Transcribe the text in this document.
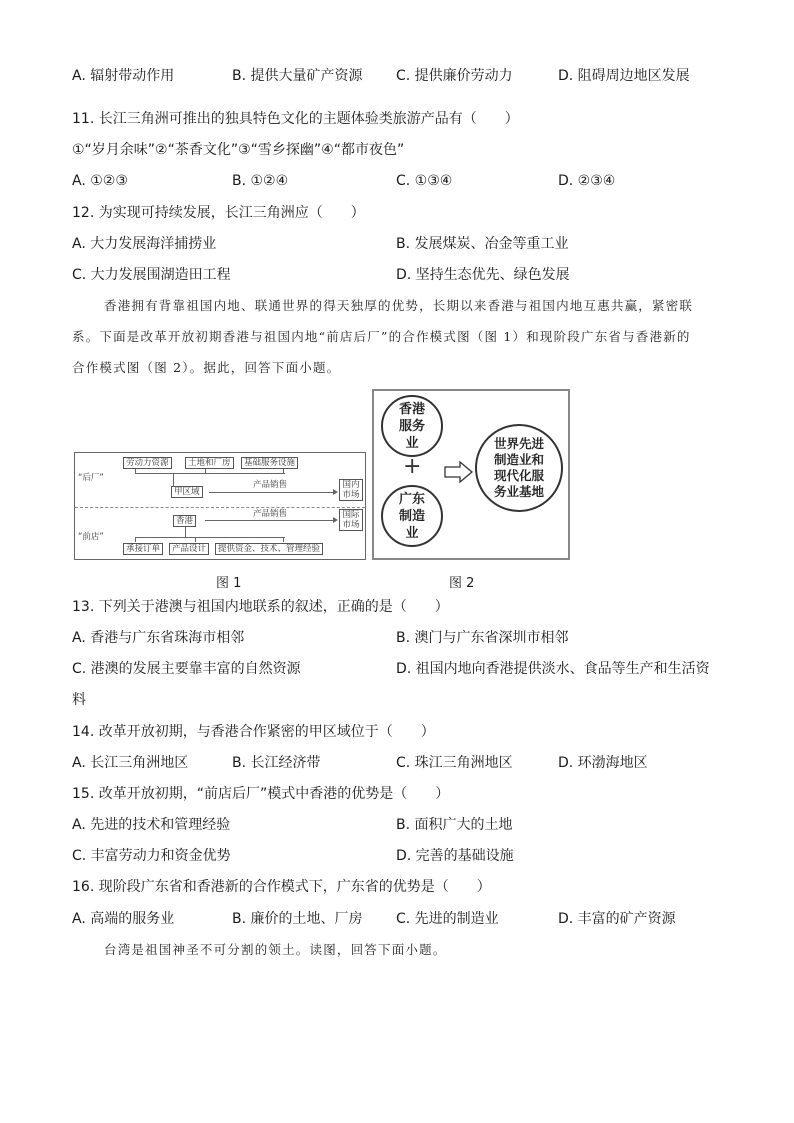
A. 辐射带动作用	B. 提供大量矿产资源 C. 提供廉价劳动力	D. 阻碍周边地区发展
11. 长江三角洲可推出的独具特色文化的主题体验类旅游产品有（　　）
①“岁月余味”②“茶香文化”③“雪乡探幽”④“都市夜色”
A. ①②③	B. ①②④	C. ①③④	D. ②③④
12. 为实现可持续发展，长江三角洲应（　　）
A. 大力发展海洋捕捞业	B. 发展煤炭、冶金等重工业
C. 大力发展围湖造田工程	D. 坚持生态优先、绿色发展
香港拥有背靠祖国内地、联通世界的得天独厚的优势，长期以来香港与祖国内地互惠共赢，紧密联
系。下面是改革开放初期香港与祖国内地“前店后厂”的合作模式图（图 1）和现阶段广东省与香港新的
合作模式图（图 2）。据此，回答下面小题。
“后厂”
“前店”
劳动力资源	土地和厂房	基础服务设施
甲区域
产品销售	国内市场
产品销售
香港
国际市场
承接订单	产品设计	提供资金、技术、管理经验
香港服务业
+
广东制造业
世界先进制造业和现代化服务业基地
图 1	图 2
13. 下列关于港澳与祖国内地联系的叙述，正确的是（　　）
A. 香港与广东省珠海市相邻	B. 澳门与广东省深圳市相邻
C. 港澳的发展主要靠丰富的自然资源	D. 祖国内地向香港提供淡水、食品等生产和生活资
料
14. 改革开放初期，与香港合作紧密的甲区域位于（　　）
A. 长江三角洲地区	B. 长江经济带	C. 珠江三角洲地区	D. 环渤海地区
15. 改革开放初期，“前店后厂”模式中香港的优势是（　　）
A. 先进的技术和管理经验	B. 面积广大的土地
C. 丰富劳动力和资金优势	D. 完善的基础设施
16. 现阶段广东省和香港新的合作模式下，广东省的优势是（　　）
A. 高端的服务业	B. 廉价的土地、厂房 C. 先进的制造业	D. 丰富的矿产资源
台湾是祖国神圣不可分割的领土。读图，回答下面小题。
